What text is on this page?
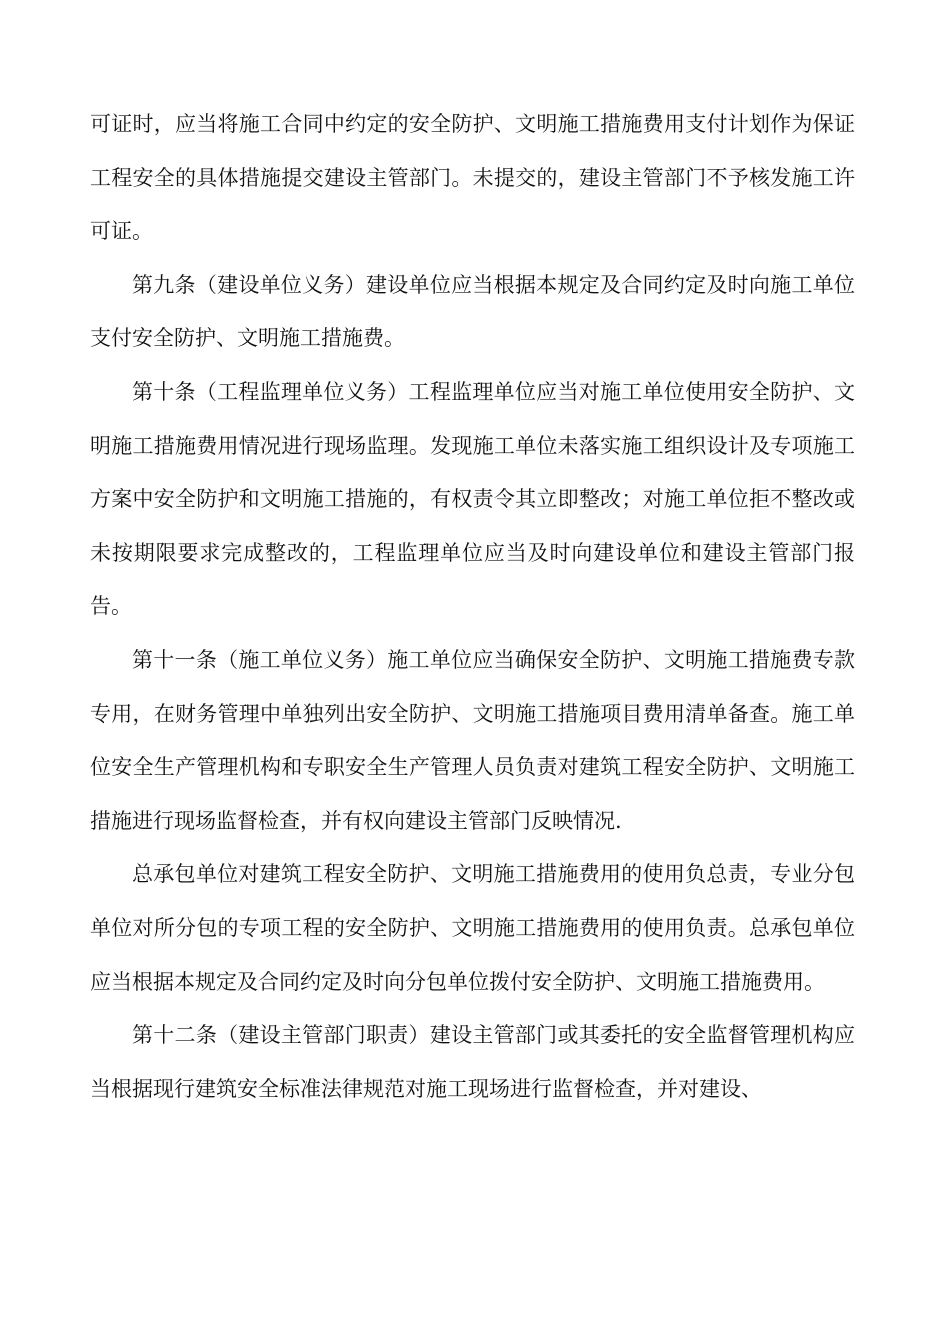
可证时，应当将施工合同中约定的安全防护、文明施工措施费用支付计划作为保证工程安全的具体措施提交建设主管部门。未提交的，建设主管部门不予核发施工许可证。

第九条（建设单位义务）建设单位应当根据本规定及合同约定及时向施工单位支付安全防护、文明施工措施费。

第十条（工程监理单位义务）工程监理单位应当对施工单位使用安全防护、文明施工措施费用情况进行现场监理。发现施工单位未落实施工组织设计及专项施工方案中安全防护和文明施工措施的，有权责令其立即整改；对施工单位拒不整改或未按期限要求完成整改的，工程监理单位应当及时向建设单位和建设主管部门报告。

第十一条（施工单位义务）施工单位应当确保安全防护、文明施工措施费专款专用，在财务管理中单独列出安全防护、文明施工措施项目费用清单备查。施工单位安全生产管理机构和专职安全生产管理人员负责对建筑工程安全防护、文明施工措施进行现场监督检查，并有权向建设主管部门反映情况.

总承包单位对建筑工程安全防护、文明施工措施费用的使用负总责，专业分包单位对所分包的专项工程的安全防护、文明施工措施费用的使用负责。总承包单位应当根据本规定及合同约定及时向分包单位拨付安全防护、文明施工措施费用。

第十二条（建设主管部门职责）建设主管部门或其委托的安全监督管理机构应当根据现行建筑安全标准法律规范对施工现场进行监督检查，并对建设、
